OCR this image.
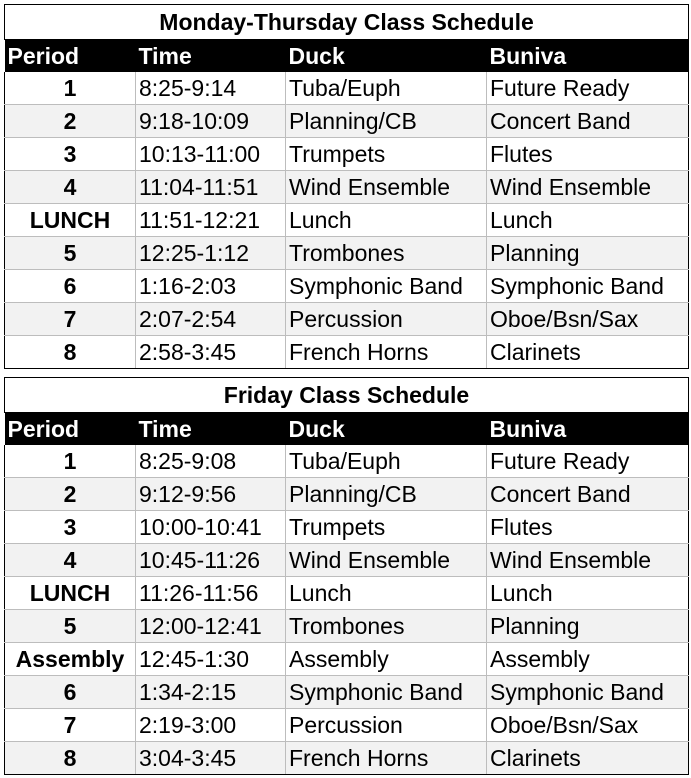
Monday-Thursday Class Schedule			
Period	Time	Duck	Buniva
1	8:25-9:14	Tuba/Euph	Future Ready
2	9:18-10:09	Planning/CB	Concert Band
3	10:13-11:00	Trumpets	Flutes
4	11:04-11:51	Wind Ensemble	Wind Ensemble
LUNCH	11:51-12:21	Lunch	Lunch
5	12:25-1:12	Trombones	Planning
6	1:16-2:03	Symphonic Band	Symphonic Band
7	2:07-2:54	Percussion	Oboe/Bsn/Sax
8	2:58-3:45	French Horns	Clarinets
Friday Class Schedule			
Period	Time	Duck	Buniva
1	8:25-9:08	Tuba/Euph	Future Ready
2	9:12-9:56	Planning/CB	Concert Band
3	10:00-10:41	Trumpets	Flutes
4	10:45-11:26	Wind Ensemble	Wind Ensemble
LUNCH	11:26-11:56	Lunch	Lunch
5	12:00-12:41	Trombones	Planning
Assembly	12:45-1:30	Assembly	Assembly
6	1:34-2:15	Symphonic Band	Symphonic Band
7	2:19-3:00	Percussion	Oboe/Bsn/Sax
8	3:04-3:45	French Horns	Clarinets
